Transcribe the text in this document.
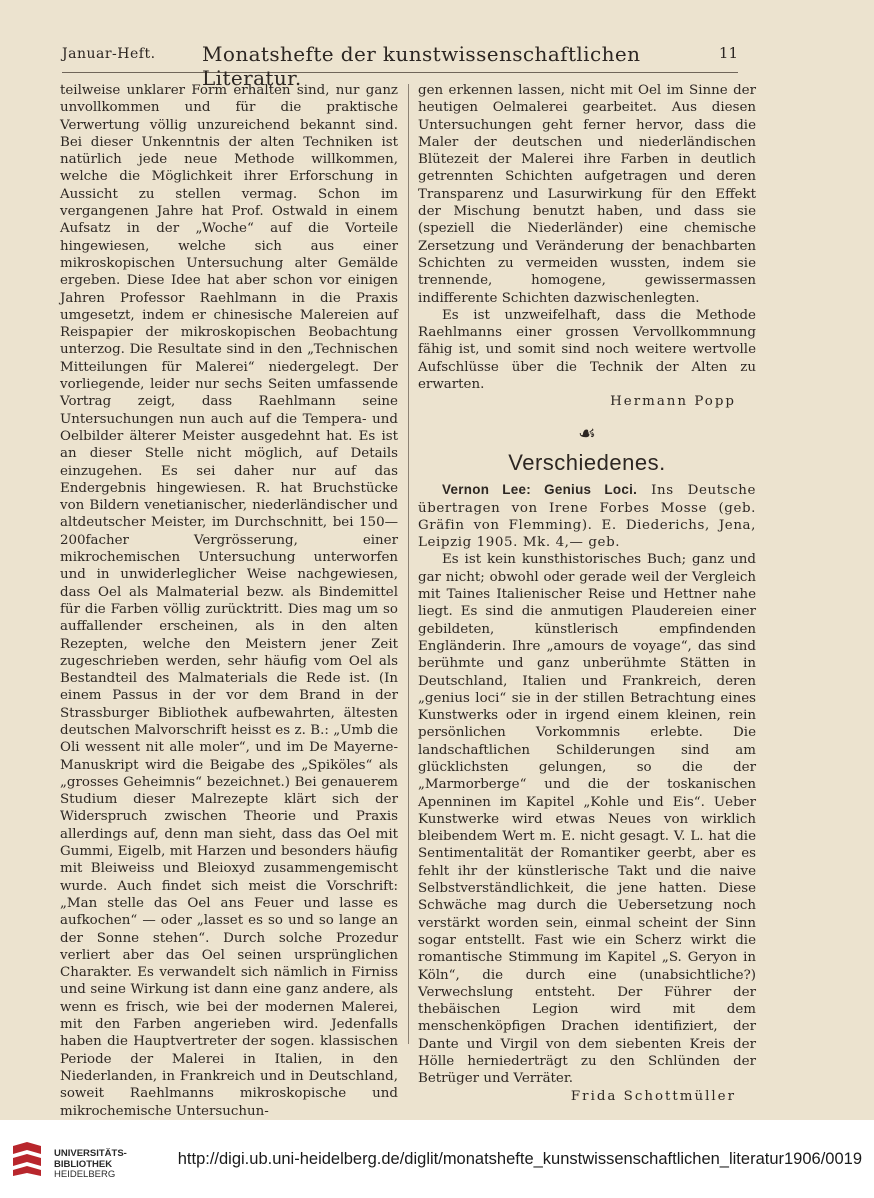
Januar-Heft. Monatshefte der kunstwissenschaftlichen Literatur.
11

teilweise unklarer Form erhalten sind, nur ganz unvollkommen und für die praktische Verwertung völlig unzureichend bekannt sind. Bei dieser Unkenntnis der alten Techniken ist natürlich jede neue Methode willkommen, welche die Möglichkeit ihrer Erforschung in Aussicht zu stellen vermag. Schon im vergangenen Jahre hat Prof. Ostwald in einem Aufsatz in der „Woche“ auf die Vorteile hingewiesen, welche sich aus einer mikroskopischen Untersuchung alter Gemälde ergeben. Diese Idee hat aber schon vor einigen Jahren Professor Raehlmann in die Praxis umgesetzt, indem er chinesische Malereien auf Reispapier der mikroskopischen Beobachtung unterzog. Die Resultate sind in den „Technischen Mitteilungen für Malerei“ niedergelegt. Der vorliegende, leider nur sechs Seiten umfassende Vortrag zeigt, dass Raehlmann seine Untersuchungen nun auch auf die Tempera- und Oelbilder älterer Meister ausgedehnt hat. Es ist an dieser Stelle nicht möglich, auf Details einzugehen. Es sei daher nur auf das Endergebnis hingewiesen. R. hat Bruchstücke von Bildern venetianischer, niederländischer und altdeutscher Meister, im Durchschnitt, bei 150—200facher Vergrösserung, einer mikrochemischen Untersuchung unterworfen und in unwiderleglicher Weise nachgewiesen, dass Oel als Malmaterial bezw. als Bindemittel für die Farben völlig zurücktritt. Dies mag um so auffallender erscheinen, als in den alten Rezepten, welche den Meistern jener Zeit zugeschrieben werden, sehr häufig vom Oel als Bestandteil des Malmaterials die Rede ist. (In einem Passus in der vor dem Brand in der Strassburger Bibliothek aufbewahrten, ältesten deutschen Malvorschrift heisst es z. B.: „Umb die Oli wessent nit alle moler“, und im De Mayerne-Manuskript wird die Beigabe des „Spiköles“ als „grosses Geheimnis“ bezeichnet.) Bei genauerem Studium dieser Malrezepte klärt sich der Widerspruch zwischen Theorie und Praxis allerdings auf, denn man sieht, dass das Oel mit Gummi, Eigelb, mit Harzen und besonders häufig mit Bleiweiss und Bleioxyd zusammengemischt wurde. Auch findet sich meist die Vorschrift: „Man stelle das Oel ans Feuer und lasse es aufkochen“ — oder „lasset es so und so lange an der Sonne stehen“. Durch solche Prozedur verliert aber das Oel seinen ursprünglichen Charakter. Es verwandelt sich nämlich in Firniss und seine Wirkung ist dann eine ganz andere, als wenn es frisch, wie bei der modernen Malerei, mit den Farben angerieben wird. Jedenfalls haben die Hauptvertreter der sogen. klassischen Periode der Malerei in Italien, in den Niederlanden, in Frankreich und in Deutschland, soweit Raehlmanns mikroskopische und mikrochemische Untersuchun-

gen erkennen lassen, nicht mit Oel im Sinne der heutigen Oelmalerei gearbeitet. Aus diesen Untersuchungen geht ferner hervor, dass die Maler der deutschen und niederländischen Blütezeit der Malerei ihre Farben in deutlich getrennten Schichten aufgetragen und deren Transparenz und Lasurwirkung für den Effekt der Mischung benutzt haben, und dass sie (speziell die Niederländer) eine chemische Zersetzung und Veränderung der benachbarten Schichten zu vermeiden wussten, indem sie trennende, homogene, gewissermassen indifferente Schichten dazwischenlegten.

Es ist unzweifelhaft, dass die Methode Raehlmanns einer grossen Vervollkommnung fähig ist, und somit sind noch weitere wertvolle Aufschlüsse über die Technik der Alten zu erwarten.

Hermann Popp

☙

Verschiedenes.

Vernon Lee: Genius Loci. Ins Deutsche übertragen von Irene Forbes Mosse (geb. Gräfin von Flemming). E. Diederichs, Jena, Leipzig 1905. Mk. 4,— geb.

Es ist kein kunsthistorisches Buch; ganz und gar nicht; obwohl oder gerade weil der Vergleich mit Taines Italienischer Reise und Hettner nahe liegt. Es sind die anmutigen Plaudereien einer gebildeten, künstlerisch empfindenden Engländerin. Ihre „amours de voyage“, das sind berühmte und ganz unberühmte Stätten in Deutschland, Italien und Frankreich, deren „genius loci“ sie in der stillen Betrachtung eines Kunstwerks oder in irgend einem kleinen, rein persönlichen Vorkommnis erlebte. Die landschaftlichen Schilderungen sind am glücklichsten gelungen, so die der „Marmorberge“ und die der toskanischen Apenninen im Kapitel „Kohle und Eis“. Ueber Kunstwerke wird etwas Neues von wirklich bleibendem Wert m. E. nicht gesagt. V. L. hat die Sentimentalität der Romantiker geerbt, aber es fehlt ihr der künstlerische Takt und die naive Selbstverständlichkeit, die jene hatten. Diese Schwäche mag durch die Uebersetzung noch verstärkt worden sein, einmal scheint der Sinn sogar entstellt. Fast wie ein Scherz wirkt die romantische Stimmung im Kapitel „S. Geryon in Köln“, die durch eine (unabsichtliche?) Verwechslung entsteht. Der Führer der thebäischen Legion wird mit dem menschenköpfigen Drachen identifiziert, der Dante und Virgil von dem siebenten Kreis der Hölle herniederträgt zu den Schlünden der Betrüger und Verräter.

Frida Schottmüller

UNIVERSITÄTS-
BIBLIOTHEK
HEIDELBERG
http://digi.ub.uni-heidelberg.de/diglit/monatshefte_kunstwissenschaftlichen_literatur1906/0019
